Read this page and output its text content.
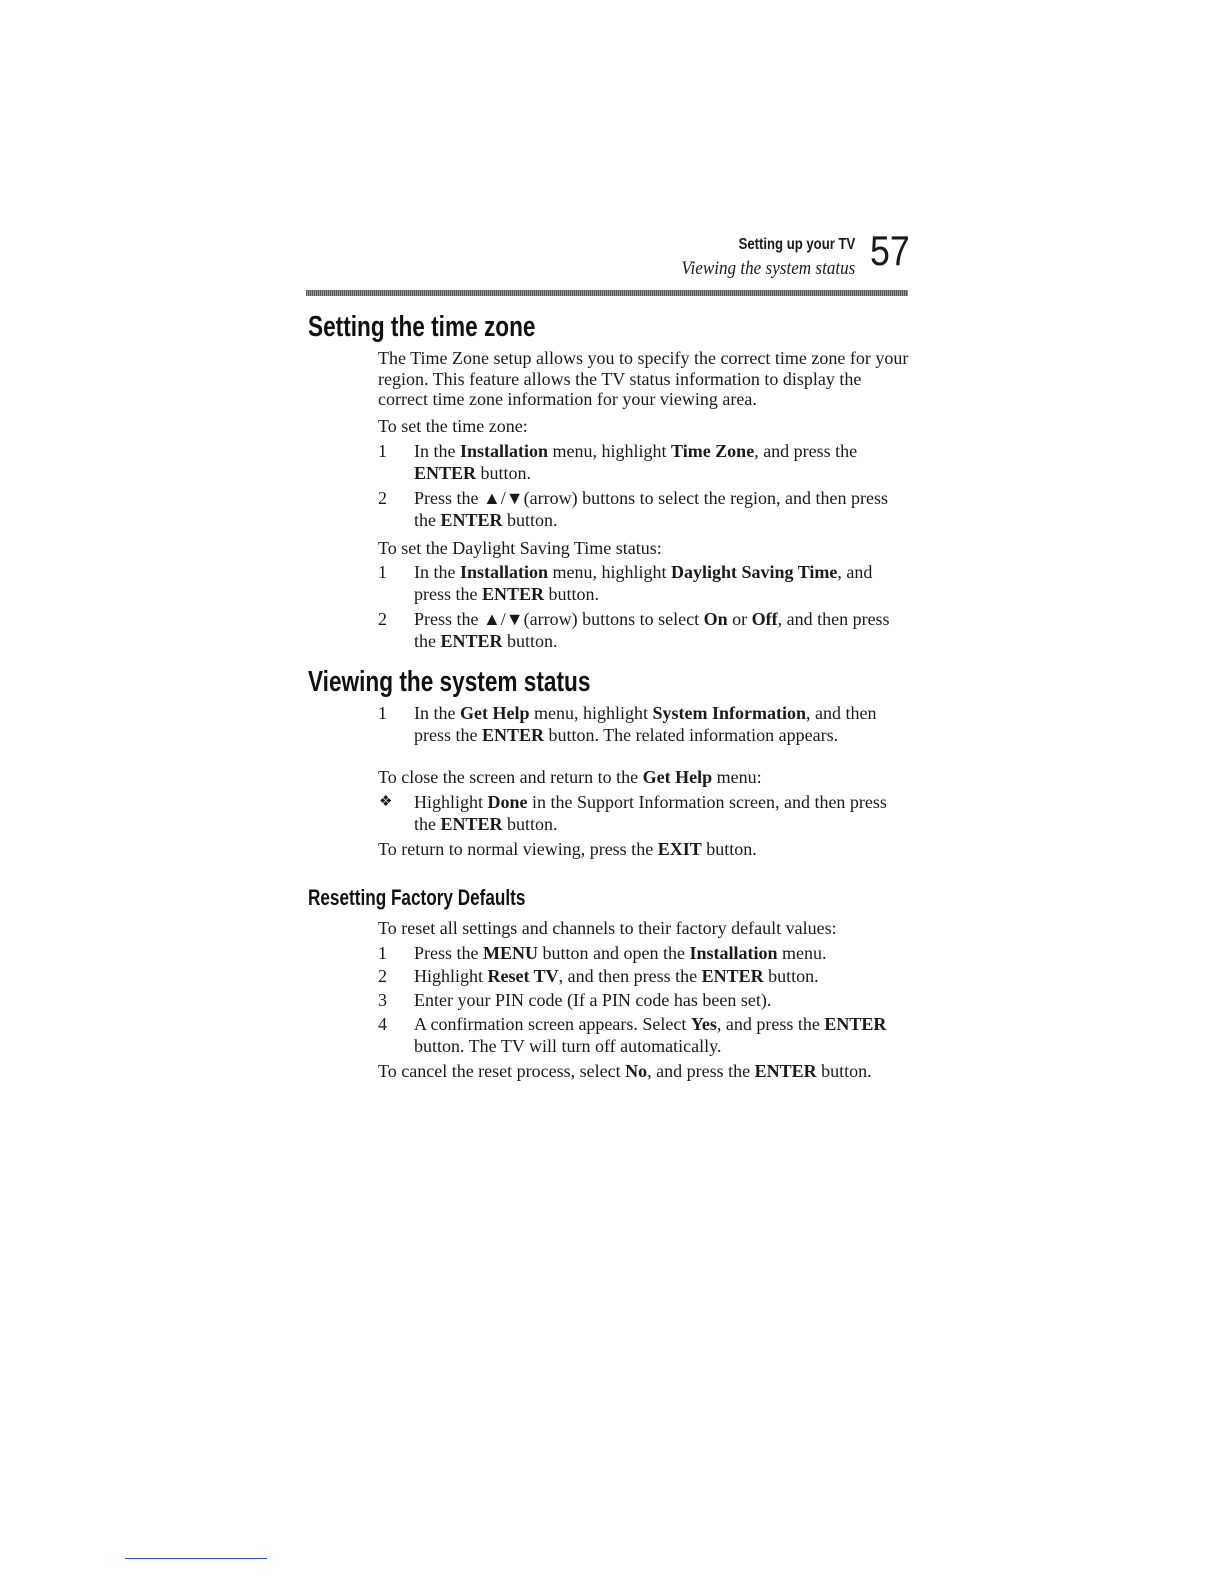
Setting up your TV
Viewing the system status 57
Setting the time zone

The Time Zone setup allows you to specify the correct time zone for your region. This feature allows the TV status information to display the correct time zone information for your viewing area.

To set the time zone:

1	In the Installation menu, highlight Time Zone, and press the ENTER button.
2	Press the ▲/▼(arrow) buttons to select the region, and then press the ENTER button.

To set the Daylight Saving Time status:

1	In the Installation menu, highlight Daylight Saving Time, and press the ENTER button.
2	Press the ▲/▼(arrow) buttons to select On or Off, and then press the ENTER button.
Viewing the system status
1	In the Get Help menu, highlight System Information, and then press the ENTER button. The related information appears.

To close the screen and return to the Get Help menu:

❖ Highlight Done in the Support Information screen, and then press the ENTER button.

To return to normal viewing, press the EXIT button.

Resetting Factory Defaults

To reset all settings and channels to their factory default values:

1	Press the MENU button and open the Installation menu.
2	Highlight Reset TV, and then press the ENTER button.
3	Enter your PIN code (If a PIN code has been set).
4	A confirmation screen appears. Select Yes, and press the ENTER button. The TV will turn off automatically.

To cancel the reset process, select No, and press the ENTER button.
